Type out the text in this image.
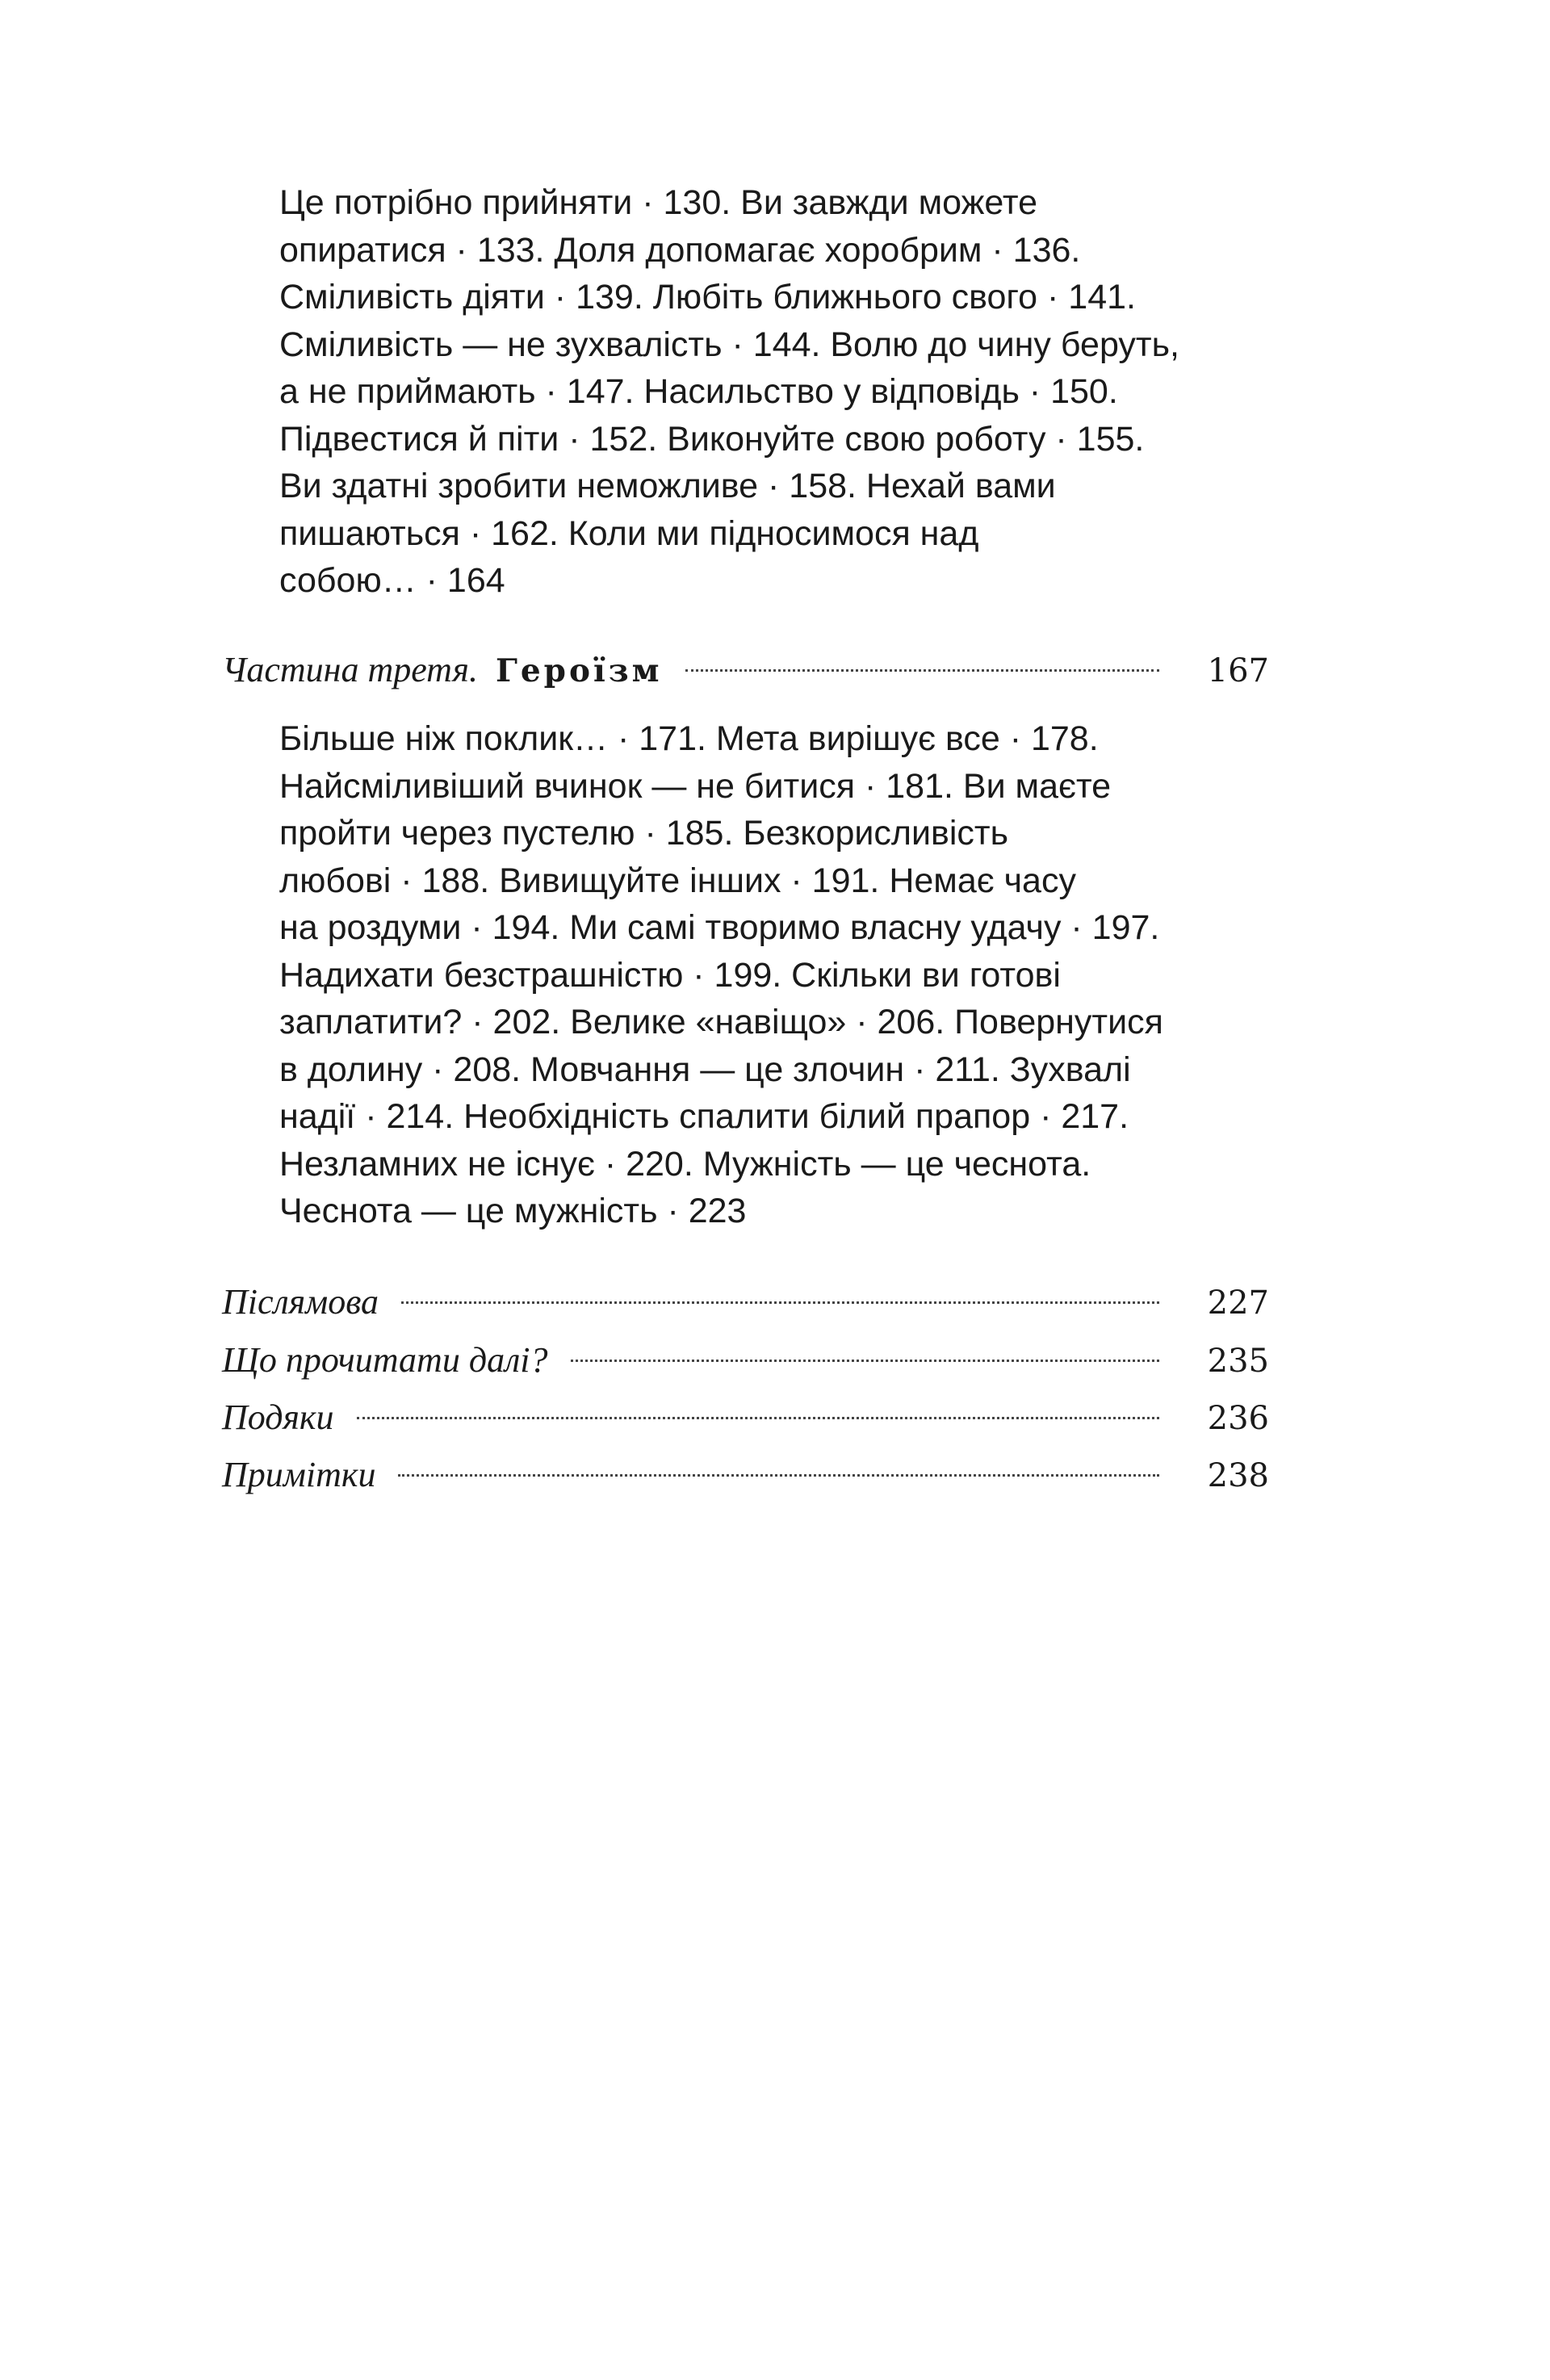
Це потрібно прийняти · 130. Ви завжди можете
опиратися · 133. Доля допомагає хоробрим · 136.
Сміливість діяти · 139. Любіть ближнього свого · 141.
Сміливість — не зухвалість · 144. Волю до чину беруть,
а не приймають · 147. Насильство у відповідь · 150.
Підвестися й піти · 152. Виконуйте свою роботу · 155.
Ви здатні зробити неможливе · 158. Нехай вами
пишаються · 162. Коли ми підносимося над
собою… · 164
Частина третя. Героїзм	167
Більше ніж поклик… · 171. Мета вирішує все · 178.
Найсміливіший вчинок — не битися · 181. Ви маєте
пройти через пустелю · 185. Безкорисливість
любові · 188. Вивищуйте інших · 191. Немає часу
на роздуми · 194. Ми самі творимо власну удачу · 197.
Надихати безстрашністю · 199. Скільки ви готові
заплатити? · 202. Велике «навіщо» · 206. Повернутися
в долину · 208. Мовчання — це злочин · 211. Зухвалі
надії · 214. Необхідність спалити білий прапор · 217.
Незламних не існує · 220. Мужність — це чеснота.
Чеснота — це мужність · 223
Післямова	227
Що прочитати далі?	235
Подяки	236
Примітки	238
